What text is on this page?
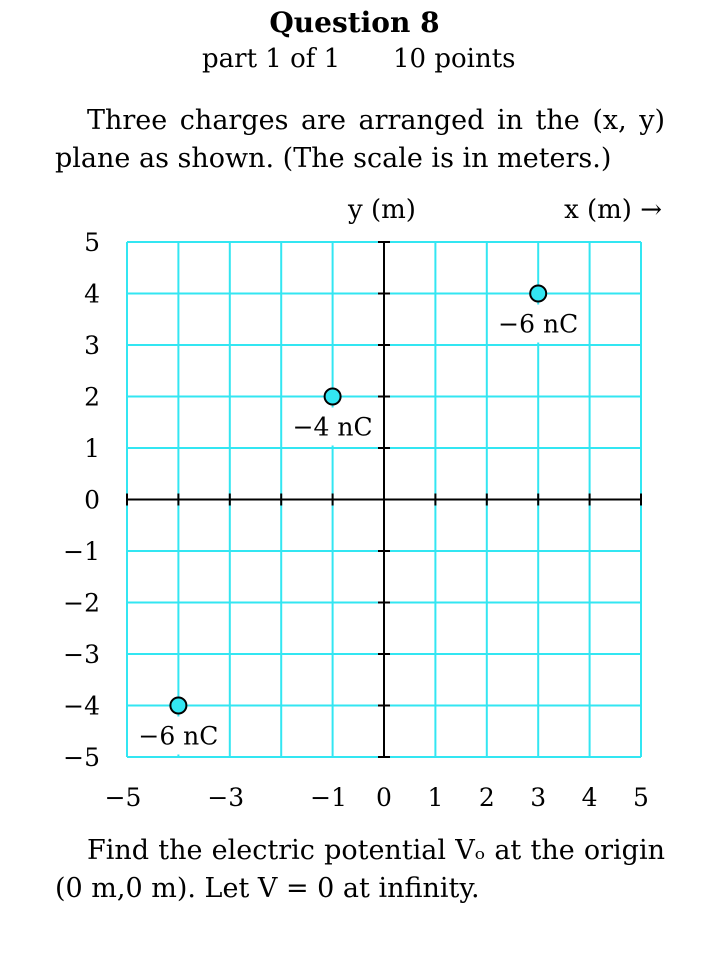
Question 8
part 1 of 1 10 points
Three charges are arranged in the (x, y)
plane as shown. (The scale is in meters.)
5
4
3
2
1
0
−1
−2
−3
−4
−5
−5	−3	−1 0 1 2 3 4 5
−6 nC
−4 nC
−6 nC
y (m)	x (m) →
Find the electric potential Vₒ at the origin
(0 m,0 m). Let V = 0 at infinity.
